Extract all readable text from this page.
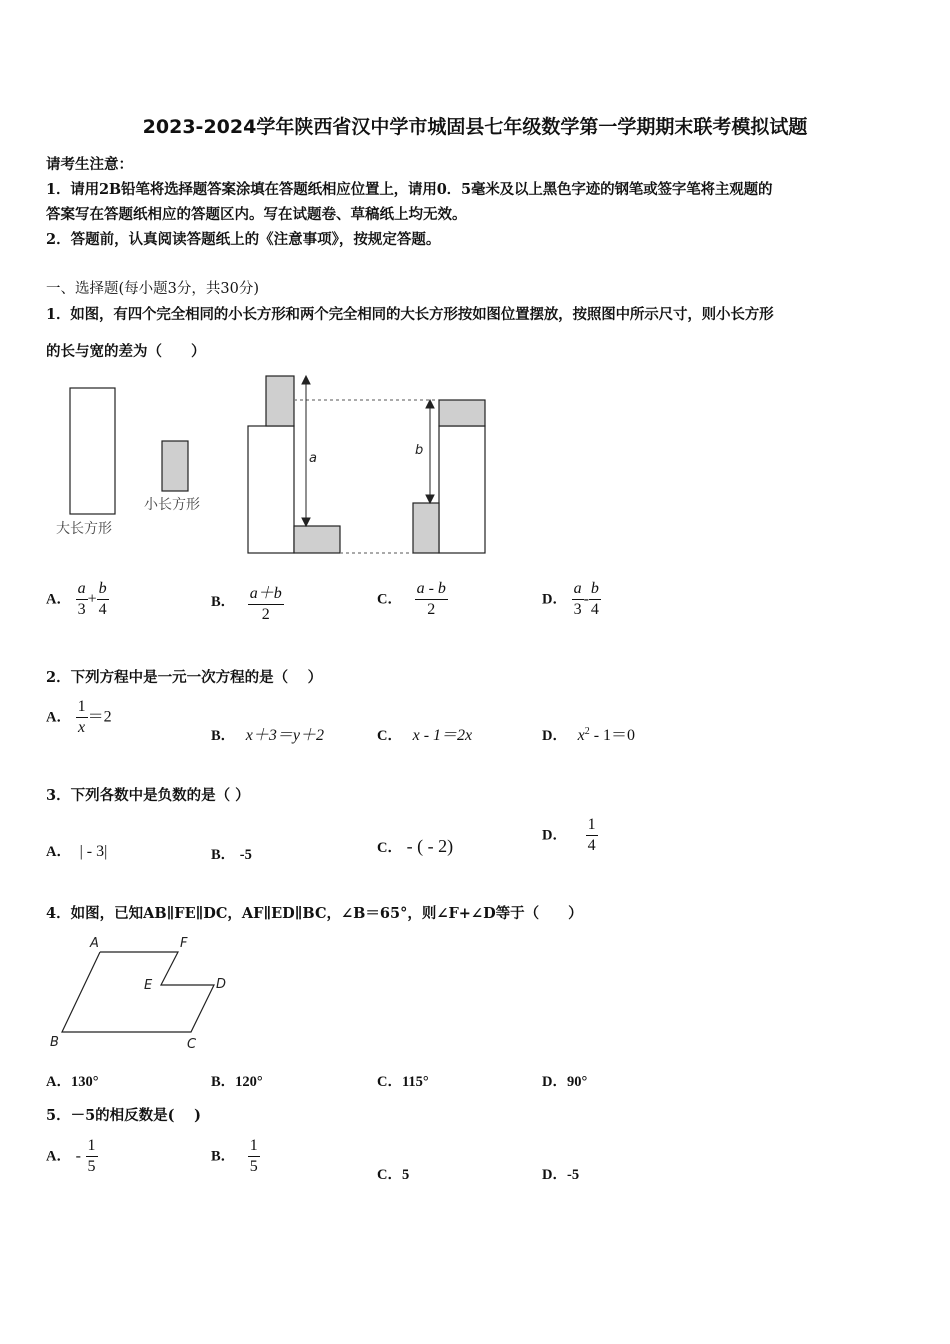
2023-2024学年陕西省汉中学市城固县七年级数学第一学期期末联考模拟试题
请考生注意：
1．请用2B铅笔将选择题答案涂填在答题纸相应位置上，请用0．5毫米及以上黑色字迹的钢笔或签字笔将主观题的
答案写在答题纸相应的答题区内。写在试题卷、草稿纸上均无效。
2．答题前，认真阅读答题纸上的《注意事项》，按规定答题。
一、选择题(每小题3分，共30分)
1．如图，有四个完全相同的小长方形和两个完全相同的大长方形按如图位置摆放，按照图中所示尺寸，则小长方形
的长与宽的差为（　　）
a
b
大长方形
小长方形
A． $\frac{a}{3} + \frac{b}{4}$	B． $\frac{a+b}{2}$	C． $\frac{a - b}{2}$	D． $\frac{a}{3} - \frac{b}{4}$
2．下列方程中是一元一次方程的是（　 ）
A． $\frac{1}{x} =2$
B． x＋3＝y＋2	C． x - 1＝2x	D． $x^2 - 1=0$
3．下列各数中是负数的是（ ）
A． | - 3|	B． -5	C． - ( - 2)
D． $\frac{1}{4}$
4．如图，已知AB∥FE∥DC，AF∥ED∥BC，∠B＝65°，则∠F+∠D等于（　　）
A	F
E	D
B	C
A．130°	B．120°	C．115°	D．90°
5．－5的相反数是(　 )
A． - $\frac{1}{5}$	B． $\frac{1}{5}$	C．5	D．-5
